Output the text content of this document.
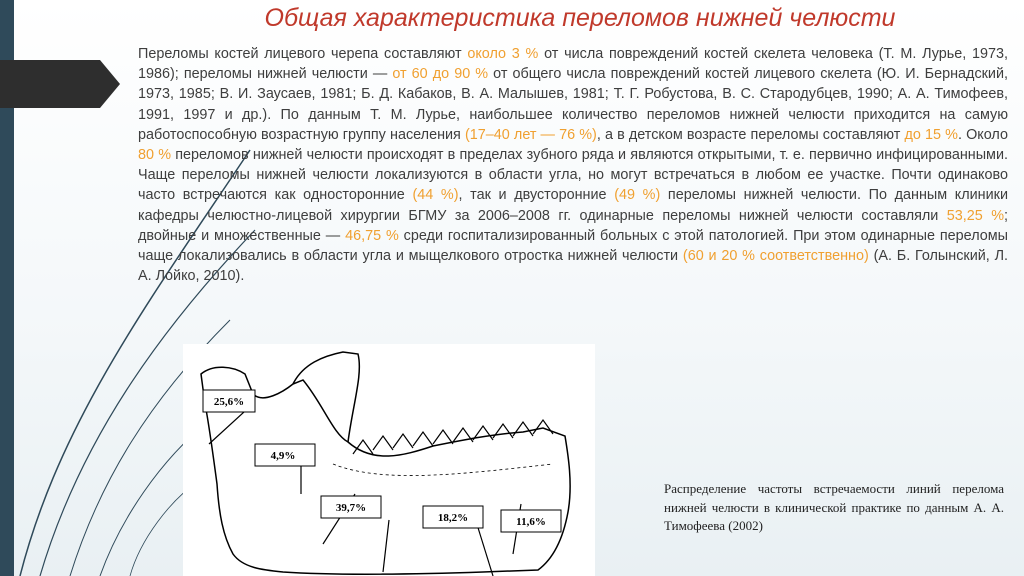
Общая характеристика переломов нижней челюсти

Переломы костей лицевого черепа составляют около 3 % от числа повреждений костей скелета человека (Т. М. Лурье, 1973, 1986); переломы нижней челюсти — от 60 до 90 % от общего числа повреждений костей лицевого скелета (Ю. И. Бернадский, 1973, 1985; В. И. Заусаев, 1981; Б. Д. Кабаков, В. А. Малышев, 1981; Т. Г. Робустова, В. С. Стародубцев, 1990; А. А. Тимофеев, 1991, 1997 и др.). По данным Т. М. Лурье, наибольшее количество переломов нижней челюсти приходится на самую работоспособную возрастную группу населения (17–40 лет — 76 %), а в детском возрасте переломы составляют до 15 %. Около 80 % переломов нижней челюсти происходят в пределах зубного ряда и являются открытыми, т. е. первично инфицированными. Чаще переломы нижней челюсти локализуются в области угла, но могут встречаться в любом ее участке. Почти одинаково часто встречаются как односторонние (44 %), так и двусторонние (49 %) переломы нижней челюсти. По данным клиники кафедры челюстно-лицевой хирургии БГМУ за 2006–2008 гг. одинарные переломы нижней челюсти составляли 53,25 %; двойные и множественные — 46,75 % среди госпитализированный больных с этой патологией. При этом одинарные переломы чаще локализовались в области угла и мыщелкового отростка нижней челюсти (60 и 20 % соответственно) (А. Б. Голынский, Л. А. Лойко, 2010).

25,6%
4,9%
39,7%
18,2%	11,6%

Распределение частоты встречаемости линий перелома нижней челюсти в клинической практике по данным А. А. Тимофеева (2002)
